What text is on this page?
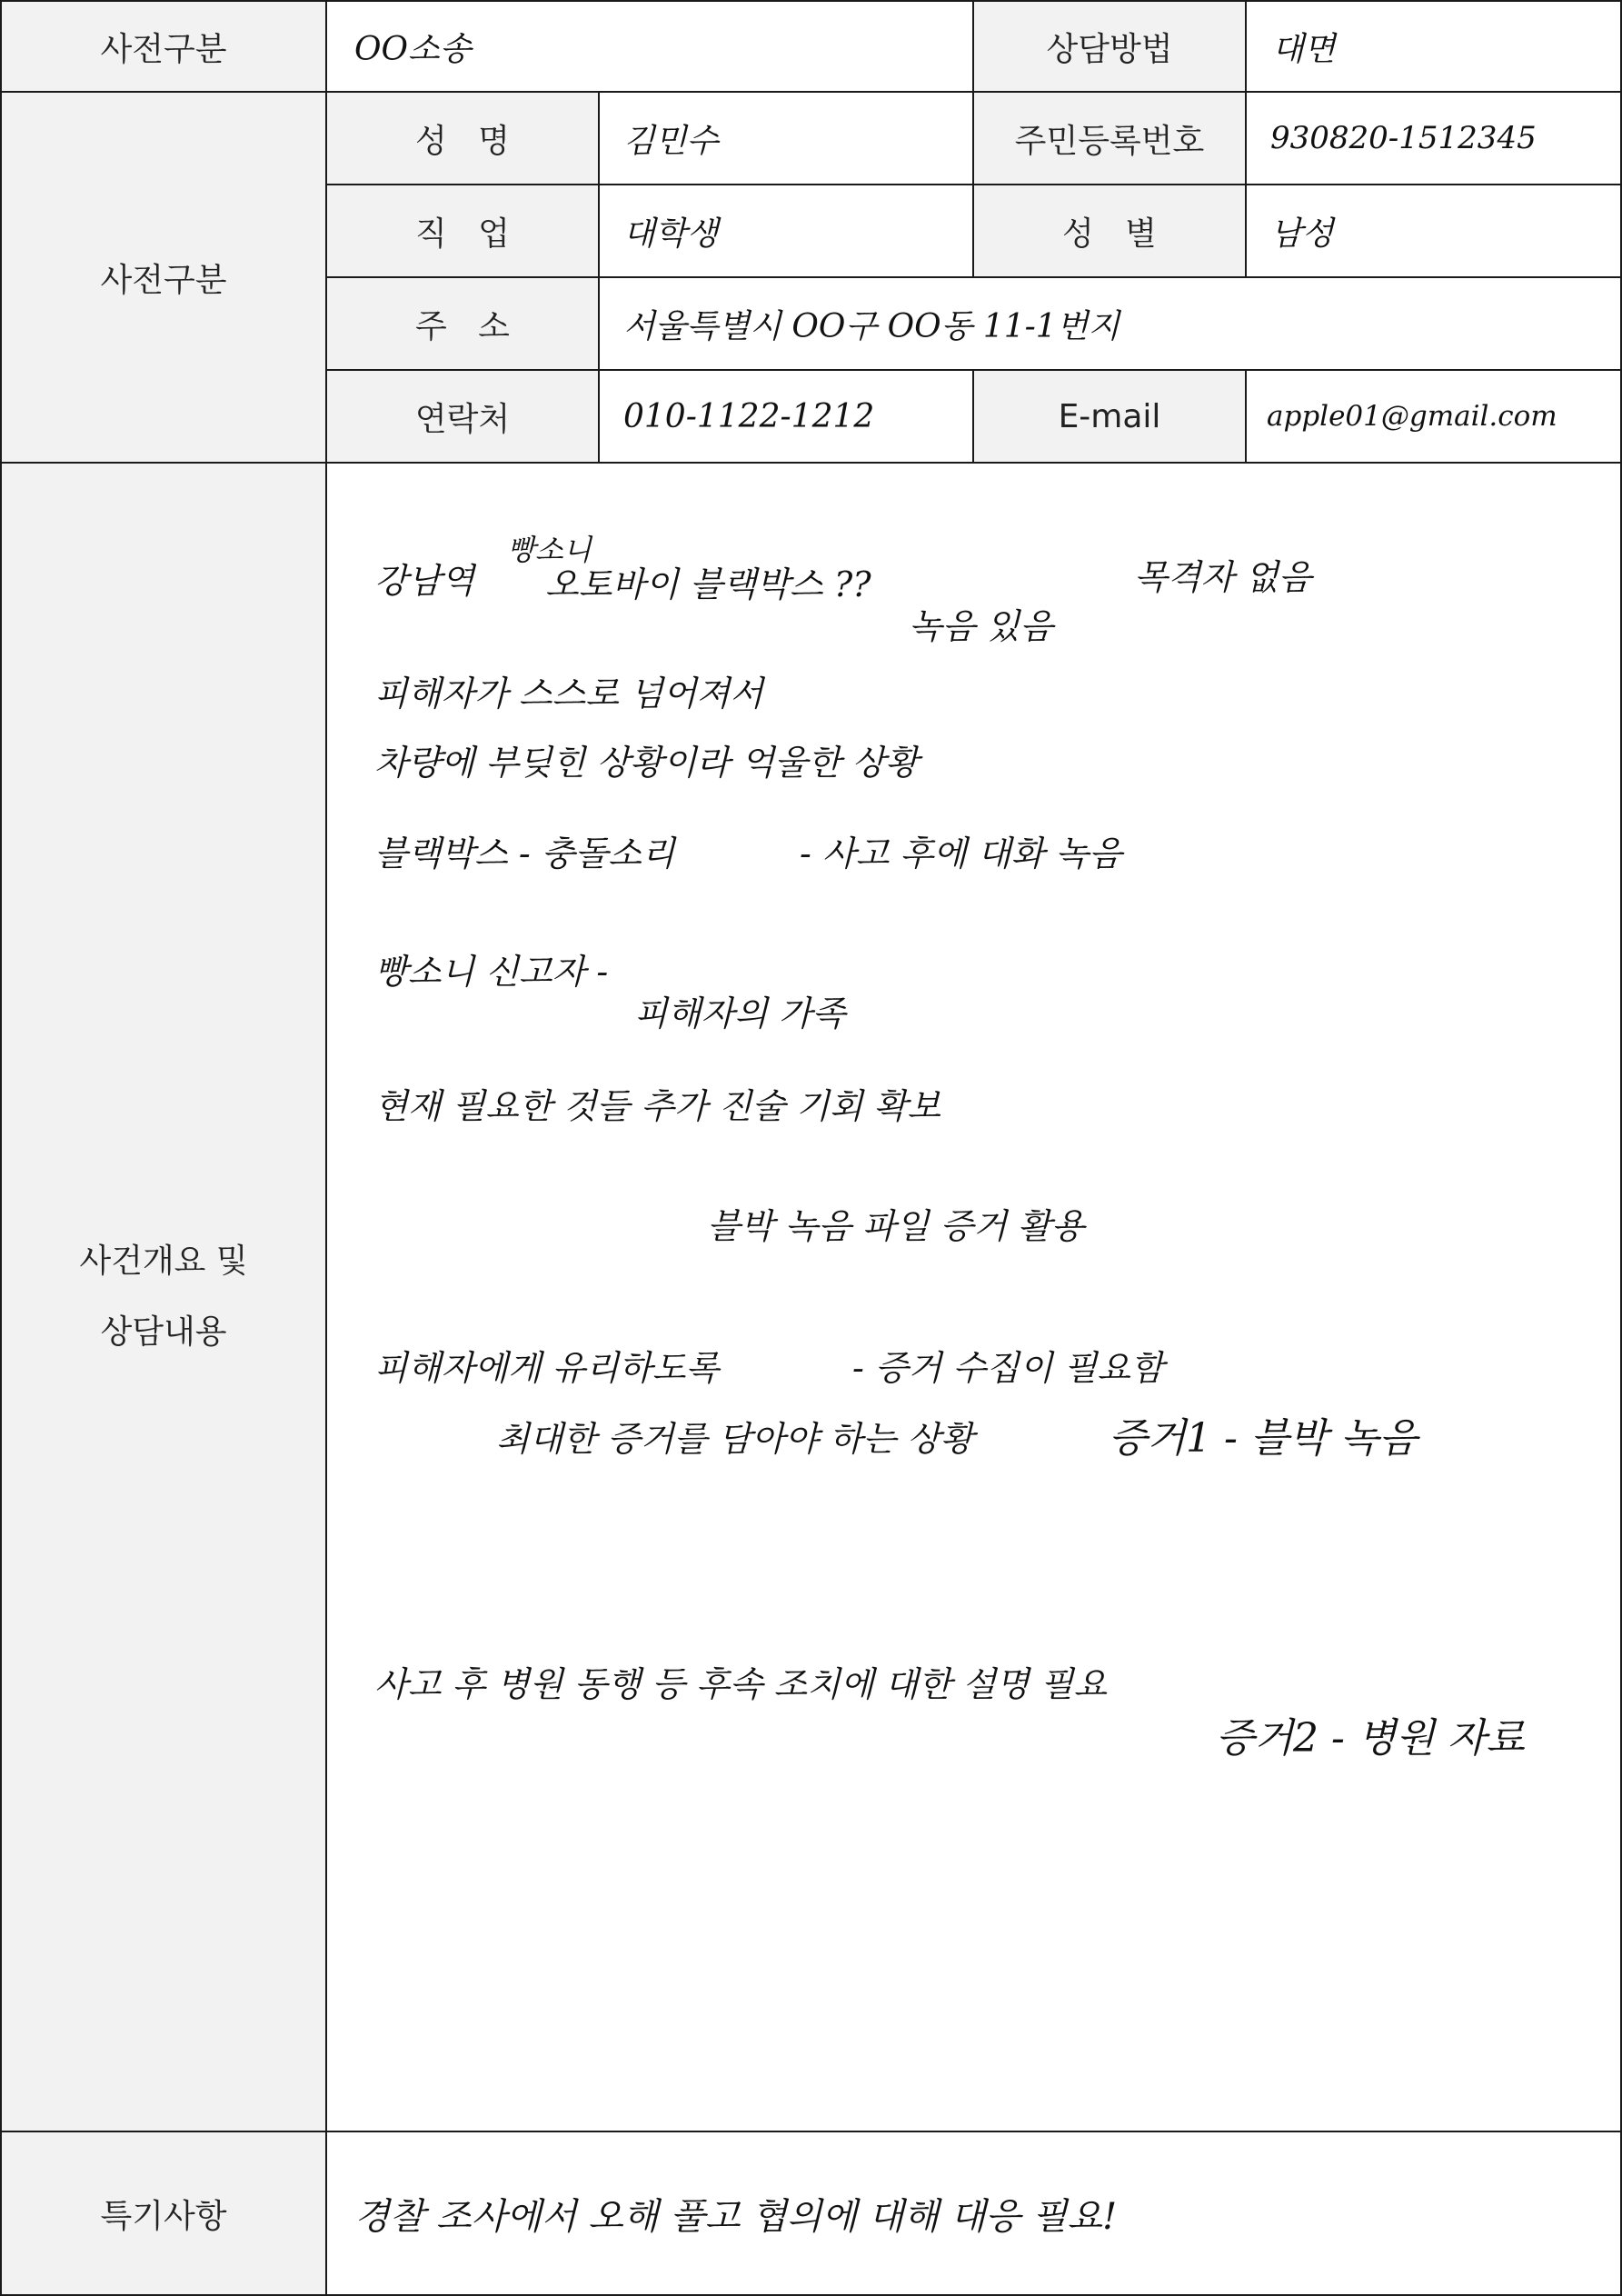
사전구분	OO소송	상담방법	대면
사전구분
성   명	김민수	주민등록번호	930820-1512345
직   업	대학생	성   별	남성
주   소	서울특별시 OO구 OO동 11-1번지
연락처	010-1122-1212	E-mail	apple01@gmail.com
사건개요 및
상담내용
강남역
빵소니
오토바이 블랙박스 ??
녹음 있음
목격자 없음
피해자가 스스로 넘어져서
차량에 부딪힌 상황이라 억울한 상황
블랙박스 - 충돌소리	- 사고 후에 대화 녹음
빵소니 신고자 -
피해자의 가족
현재 필요한 것들 추가 진술 기회 확보
블박 녹음 파일 증거 활용
피해자에게 유리하도록	- 증거 수집이 필요함
최대한 증거를 담아야 하는 상황	증거1 - 블박 녹음
사고 후 병원 동행 등 후속 조치에 대한 설명 필요
증거2 - 병원 자료
특기사항	경찰 조사에서 오해 풀고 협의에 대해 대응 필요!
